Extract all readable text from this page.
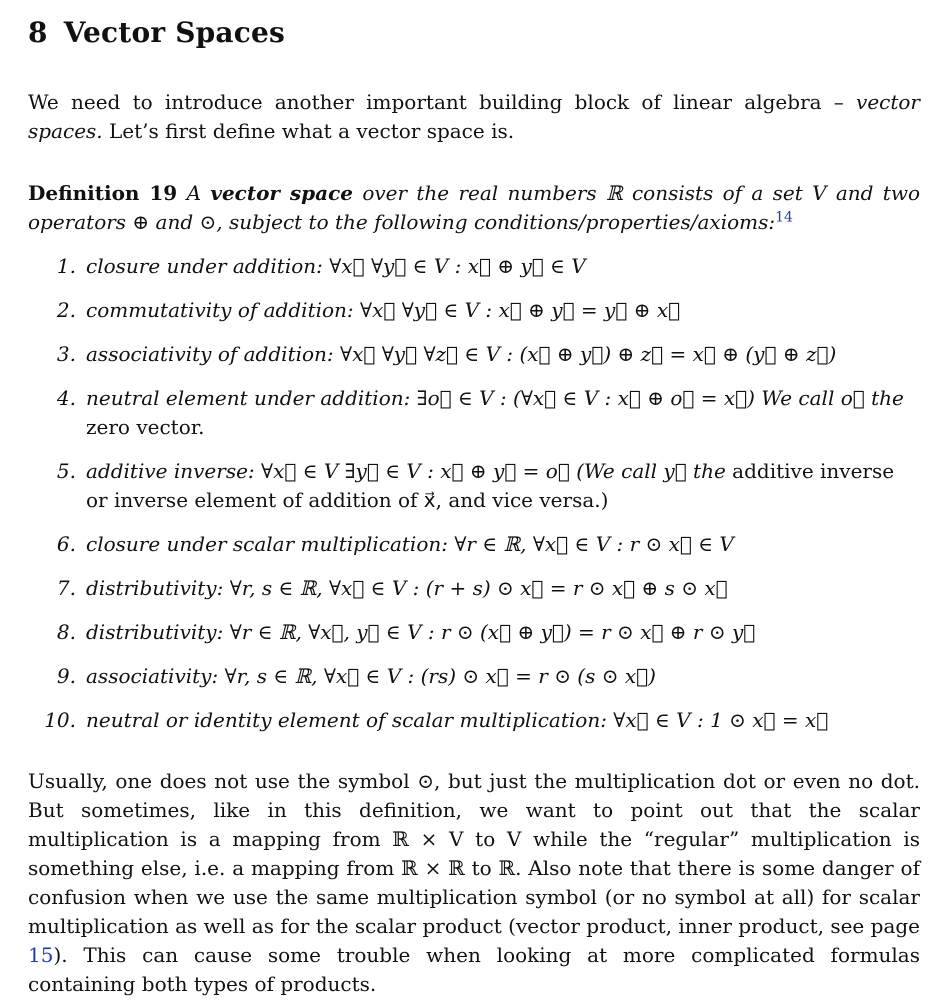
8 Vector Spaces

We need to introduce another important building block of linear algebra – vector spaces. Let’s first define what a vector space is.

Definition 19 A vector space over the real numbers ℝ consists of a set V and two operators ⊕ and ⊙, subject to the following conditions/properties/axioms:$^{14}$

1. closure under addition: ∀x⃗ ∀y⃗ ∈ V : x⃗ ⊕ y⃗ ∈ V
2. commutativity of addition: ∀x⃗ ∀y⃗ ∈ V : x⃗ ⊕ y⃗ = y⃗ ⊕ x⃗
3. associativity of addition: ∀x⃗ ∀y⃗ ∀z⃗ ∈ V : (x⃗ ⊕ y⃗) ⊕ z⃗ = x⃗ ⊕ (y⃗ ⊕ z⃗)
4. neutral element under addition: ∃o⃗ ∈ V : (∀x⃗ ∈ V : x⃗ ⊕ o⃗ = x⃗) We call o⃗ the zero vector.
5. additive inverse: ∀x⃗ ∈ V ∃y⃗ ∈ V : x⃗ ⊕ y⃗ = o⃗ (We call y⃗ the additive inverse or inverse element of addition of x⃗, and vice versa.)
6. closure under scalar multiplication: ∀r ∈ ℝ, ∀x⃗ ∈ V : r ⊙ x⃗ ∈ V
7. distributivity: ∀r, s ∈ ℝ, ∀x⃗ ∈ V : (r + s) ⊙ x⃗ = r ⊙ x⃗ ⊕ s ⊙ x⃗
8. distributivity: ∀r ∈ ℝ, ∀x⃗, y⃗ ∈ V : r ⊙ (x⃗ ⊕ y⃗) = r ⊙ x⃗ ⊕ r ⊙ y⃗
9. associativity: ∀r, s ∈ ℝ, ∀x⃗ ∈ V : (rs) ⊙ x⃗ = r ⊙ (s ⊙ x⃗)
10. neutral or identity element of scalar multiplication: ∀x⃗ ∈ V : 1 ⊙ x⃗ = x⃗

Usually, one does not use the symbol ⊙, but just the multiplication dot or even no dot. But sometimes, like in this definition, we want to point out that the scalar multiplication is a mapping from ℝ × V to V while the “regular” multiplication is something else, i.e. a mapping from ℝ × ℝ to ℝ. Also note that there is some danger of confusion when we use the same multiplication symbol (or no symbol at all) for scalar multiplication as well as for the scalar product (vector product, inner product, see page 15). This can cause some trouble when looking at more complicated formulas containing both types of products.
